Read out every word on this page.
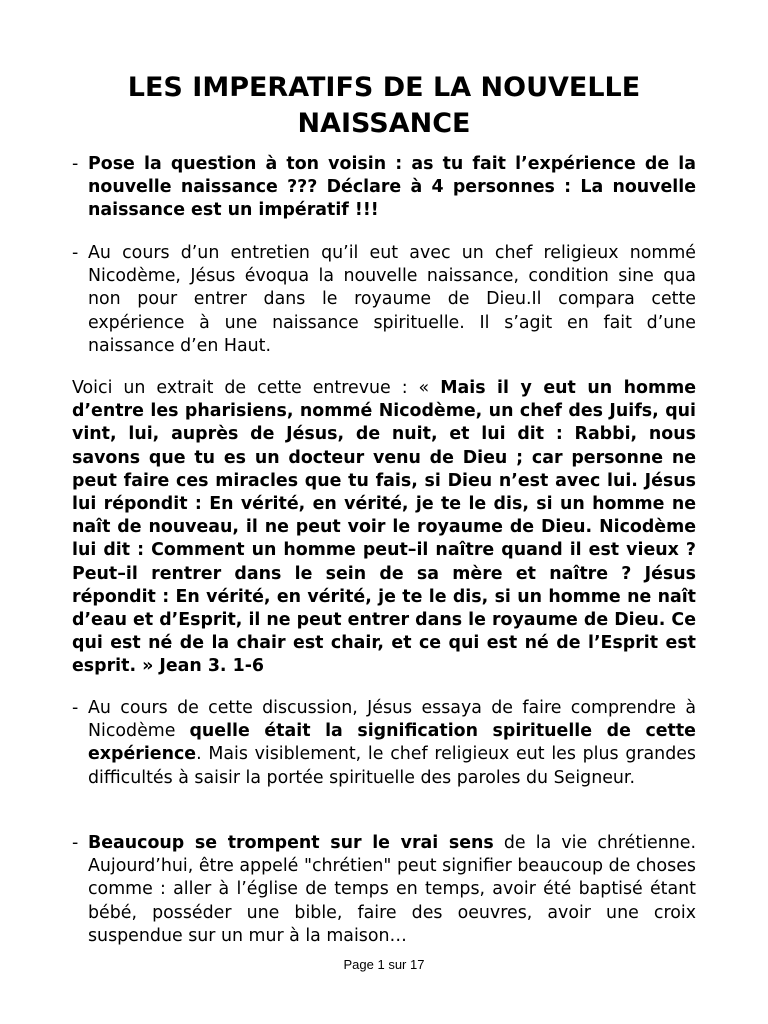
LES IMPERATIFS DE LA NOUVELLE NAISSANCE
- Pose la question à ton voisin : as tu fait l’expérience de la nouvelle naissance ??? Déclare à 4 personnes : La nouvelle naissance est un impératif !!!
- Au cours d’un entretien qu’il eut avec un chef religieux nommé Nicodème, Jésus évoqua la nouvelle naissance, condition sine qua non pour entrer dans le royaume de Dieu.Il compara cette expérience à une naissance spirituelle. Il s’agit en fait d’une naissance d’en Haut.
Voici un extrait de cette entrevue : « Mais il y eut un homme d’entre les pharisiens, nommé Nicodème, un chef des Juifs, qui vint, lui, auprès de Jésus, de nuit, et lui dit : Rabbi, nous savons que tu es un docteur venu de Dieu ; car personne ne peut faire ces miracles que tu fais, si Dieu n’est avec lui. Jésus lui répondit : En vérité, en vérité, je te le dis, si un homme ne naît de nouveau, il ne peut voir le royaume de Dieu. Nicodème lui dit : Comment un homme peut–il naître quand il est vieux ? Peut–il rentrer dans le sein de sa mère et naître ? Jésus répondit : En vérité, en vérité, je te le dis, si un homme ne naît d’eau et d’Esprit, il ne peut entrer dans le royaume de Dieu. Ce qui est né de la chair est chair, et ce qui est né de l’Esprit est esprit. » Jean 3. 1-6
- Au cours de cette discussion, Jésus essaya de faire comprendre à Nicodème quelle était la signification spirituelle de cette expérience. Mais visiblement, le chef religieux eut les plus grandes difficultés à saisir la portée spirituelle des paroles du Seigneur.
- Beaucoup se trompent sur le vrai sens de la vie chrétienne. Aujourd’hui, être appelé "chrétien" peut signifier beaucoup de choses comme : aller à l’église de temps en temps, avoir été baptisé étant bébé, posséder une bible, faire des oeuvres, avoir une croix suspendue sur un mur à la maison…
Page 1 sur 17
